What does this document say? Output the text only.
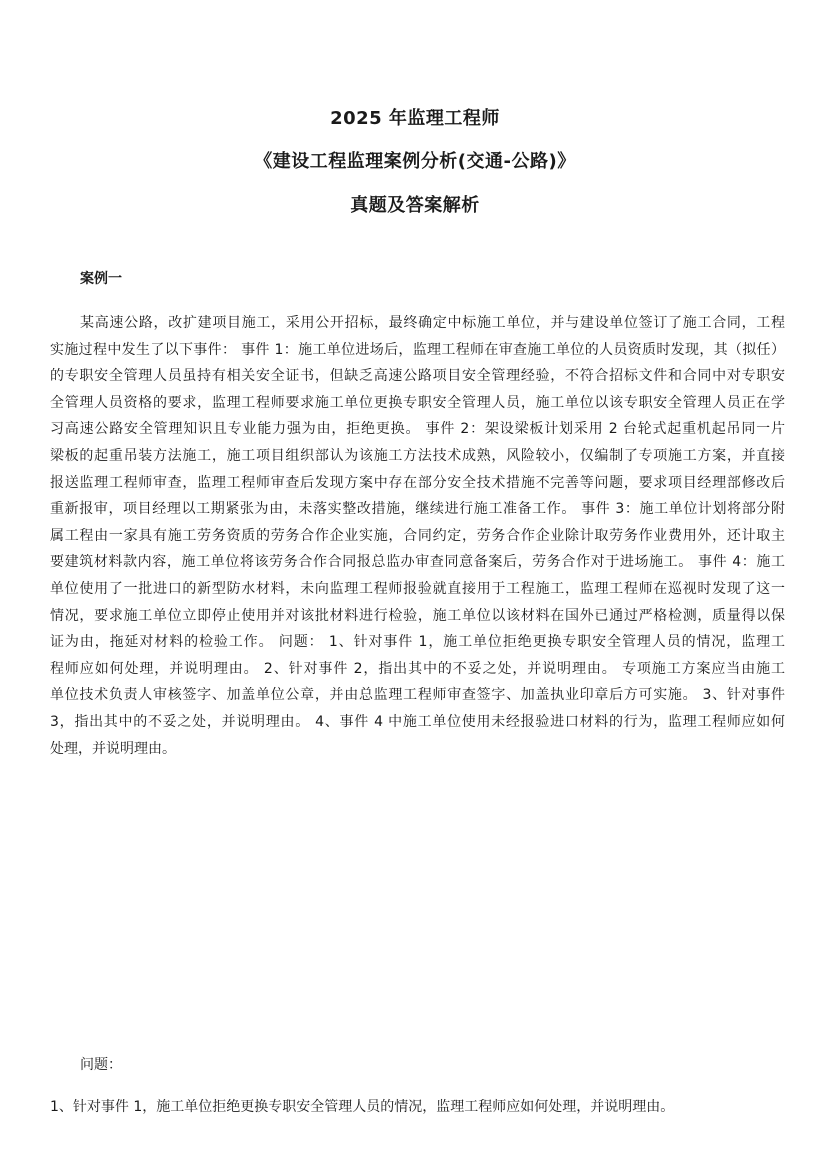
2025 年监理工程师
《建设工程监理案例分析(交通-公路)》
真题及答案解析
案例一
某高速公路，改扩建项目施工，采用公开招标，最终确定中标施工单位，并与建设单位签订了施工合同，工程
实施过程中发生了以下事件： 事件 1：施工单位进场后，监理工程师在审查施工单位的人员资质时发现，其（拟任）
的专职安全管理人员虽持有相关安全证书，但缺乏高速公路项目安全管理经验，不符合招标文件和合同中对专职安
全管理人员资格的要求，监理工程师要求施工单位更换专职安全管理人员，施工单位以该专职安全管理人员正在学
习高速公路安全管理知识且专业能力强为由，拒绝更换。 事件 2：架设梁板计划采用 2 台轮式起重机起吊同一片
梁板的起重吊装方法施工，施工项目组织部认为该施工方法技术成熟，风险较小，仅编制了专项施工方案，并直接
报送监理工程师审查，监理工程师审查后发现方案中存在部分安全技术措施不完善等问题，要求项目经理部修改后
重新报审，项目经理以工期紧张为由，未落实整改措施，继续进行施工准备工作。 事件 3：施工单位计划将部分附
属工程由一家具有施工劳务资质的劳务合作企业实施，合同约定，劳务合作企业除计取劳务作业费用外，还计取主
要建筑材料款内容，施工单位将该劳务合作合同报总监办审查同意备案后，劳务合作对于进场施工。 事件 4：施工
单位使用了一批进口的新型防水材料，未向监理工程师报验就直接用于工程施工，监理工程师在巡视时发现了这一
情况，要求施工单位立即停止使用并对该批材料进行检验，施工单位以该材料在国外已通过严格检测，质量得以保
证为由，拖延对材料的检验工作。 问题： 1、针对事件 1，施工单位拒绝更换专职安全管理人员的情况，监理工
程师应如何处理，并说明理由。 2、针对事件 2，指出其中的不妥之处，并说明理由。 专项施工方案应当由施工
单位技术负责人审核签字、加盖单位公章，并由总监理工程师审查签字、加盖执业印章后方可实施。 3、针对事件
3，指出其中的不妥之处，并说明理由。 4、事件 4 中施工单位使用未经报验进口材料的行为，监理工程师应如何
处理，并说明理由。
问题：
1、针对事件 1，施工单位拒绝更换专职安全管理人员的情况，监理工程师应如何处理，并说明理由。
